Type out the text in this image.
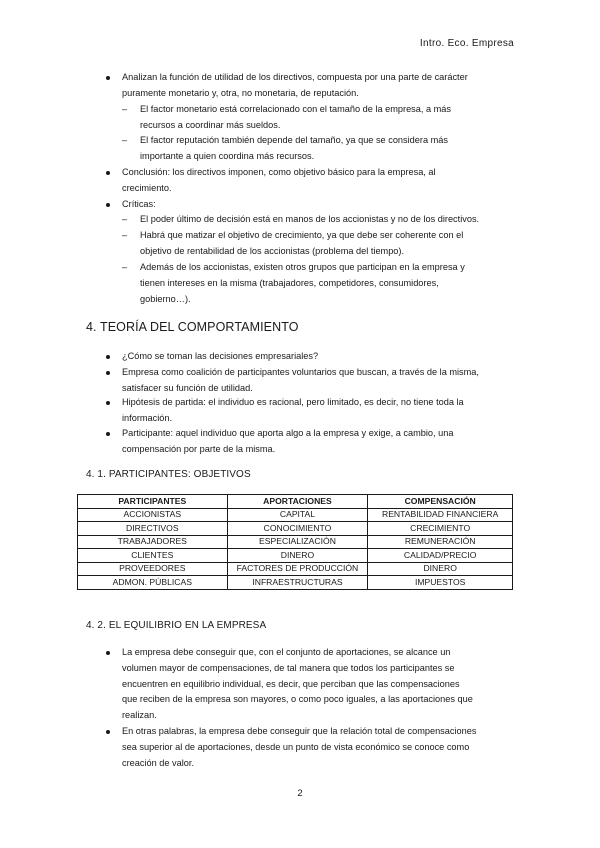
Intro. Eco. Empresa
Analizan la función de utilidad de los directivos, compuesta por una parte de carácter
puramente monetario y, otra, no monetaria, de reputación.
– El factor monetario está correlacionado con el tamaño de la empresa, a más
recursos a coordinar más sueldos.
– El factor reputación también depende del tamaño, ya que se considera más
importante a quien coordina más recursos.
Conclusión: los directivos imponen, como objetivo básico para la empresa, al
crecimiento.
Críticas:
– El poder último de decisión está en manos de los accionistas y no de los directivos.
– Habrá que matizar el objetivo de crecimiento, ya que debe ser coherente con el
objetivo de rentabilidad de los accionistas (problema del tiempo).
– Además de los accionistas, existen otros grupos que participan en la empresa y
tienen intereses en la misma (trabajadores, competidores, consumidores,
gobierno…).
4. TEORÍA DEL COMPORTAMIENTO
¿Cómo se toman las decisiones empresariales?
Empresa como coalición de participantes voluntarios que buscan, a través de la misma,
satisfacer su función de utilidad.
Hipótesis de partida: el individuo es racional, pero limitado, es decir, no tiene toda la
información.
Participante: aquel individuo que aporta algo a la empresa y exige, a cambio, una
compensación por parte de la misma.
4. 1. PARTICIPANTES: OBJETIVOS
PARTICIPANTES	APORTACIONES	COMPENSACIÓN
ACCIONISTAS	CAPITAL	RENTABILIDAD FINANCIERA
DIRECTIVOS	CONOCIMIENTO	CRECIMIENTO
TRABAJADORES	ESPECIALIZACIÓN	REMUNERACIÓN
CLIENTES	DINERO	CALIDAD/PRECIO
PROVEEDORES	FACTORES DE PRODUCCIÓN	DINERO
ADMON. PÚBLICAS	INFRAESTRUCTURAS	IMPUESTOS
4. 2. EL EQUILIBRIO EN LA EMPRESA
La empresa debe conseguir que, con el conjunto de aportaciones, se alcance un
volumen mayor de compensaciones, de tal manera que todos los participantes se
encuentren en equilibrio individual, es decir, que perciban que las compensaciones
que reciben de la empresa son mayores, o como poco iguales, a las aportaciones que
realizan.
En otras palabras, la empresa debe conseguir que la relación total de compensaciones
sea superior al de aportaciones, desde un punto de vista económico se conoce como
creación de valor.
2
